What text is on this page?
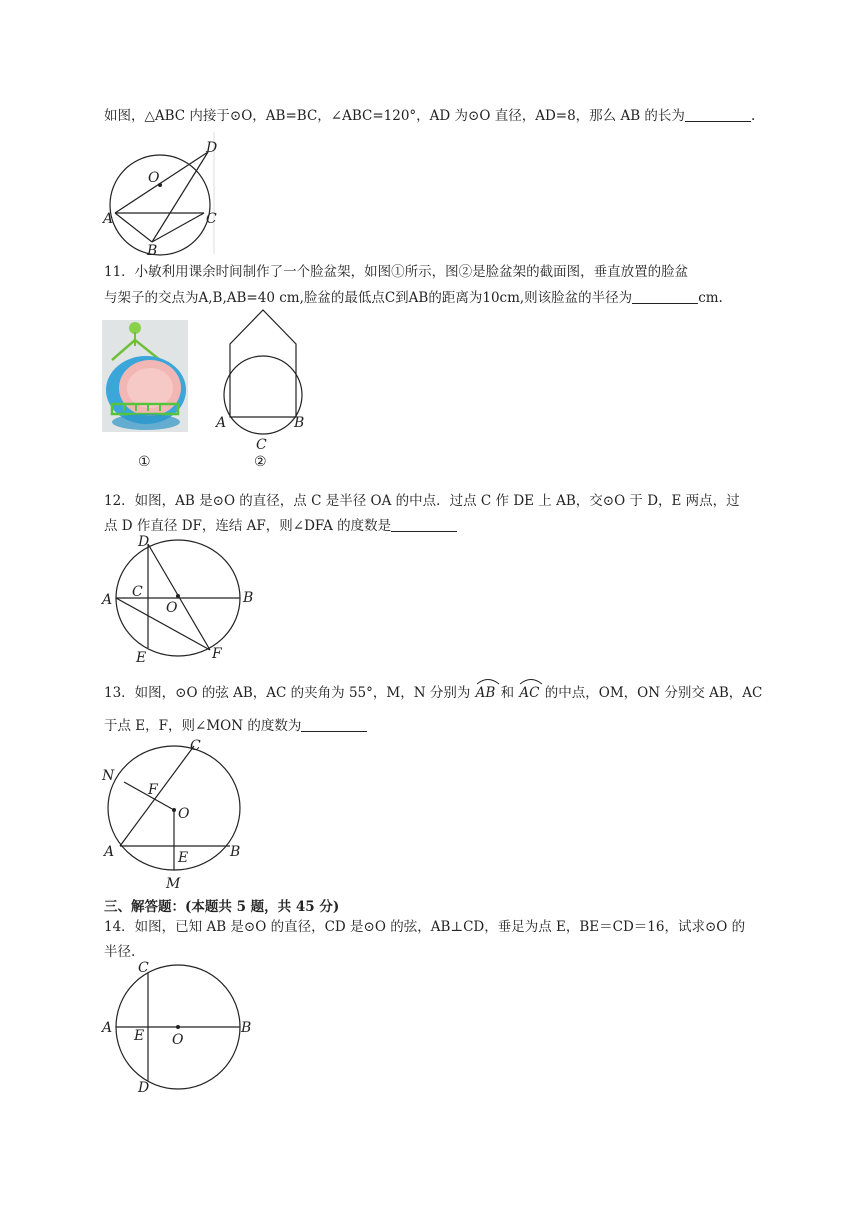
如图，△ABC 内接于⊙O，AB=BC，∠ABC=120°，AD 为⊙O 直径，AD=8，那么 AB 的长为	.
O
D
A
B
C
11．小敏利用课余时间制作了一个脸盆架，如图①所示，图②是脸盆架的截面图，垂直放置的脸盆
与架子的交点为A,B,AB=40 cm,脸盆的最低点C到AB的距离为10cm,则该脸盆的半径为	cm.
A	B
C
①	②
12．如图，AB 是⊙O 的直径，点 C 是半径 OA 的中点．过点 C 作 DE 上 AB，交⊙O 于 D，E 两点，过
点 D 作直径 DF，连结 AF，则∠DFA 的度数是
D
C
A	O
B
E	F
13．如图，⊙O 的弦 AB，AC 的夹角为 55°，M，N 分别为 AB 和 AC 的中点，OM，ON 分别交 AB，AC
于点 E，F，则∠MON 的度数为
C
N
F
O
A	E	B
M
三、解答题：(本题共 5 题，共 45 分)
14．如图，已知 AB 是⊙O 的直径，CD 是⊙O 的弦，AB⊥CD，垂足为点 E，BE＝CD＝16，试求⊙O 的
半径.
C
A E O
B
D
